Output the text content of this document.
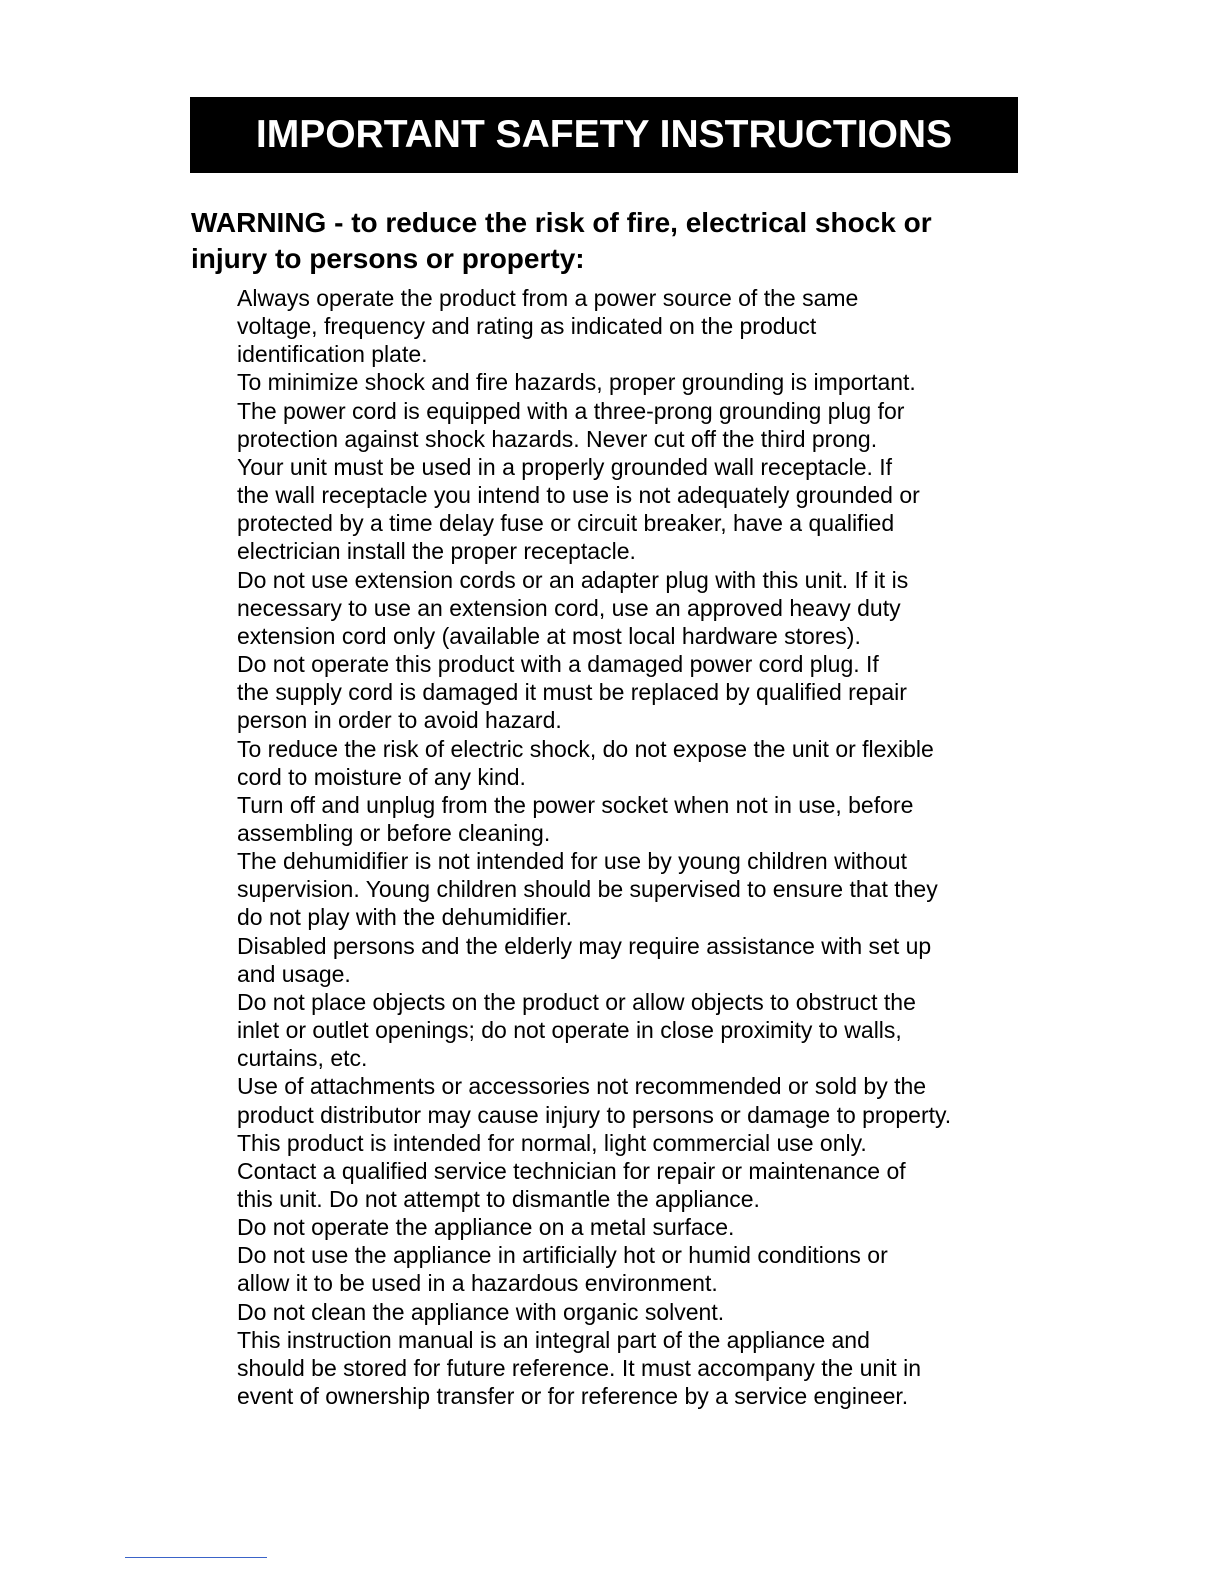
IMPORTANT SAFETY INSTRUCTIONS
WARNING - to reduce the risk of fire, electrical shock or
injury to persons or property:
Always operate the product from a power source of the same
voltage, frequency and rating as indicated on the product
identification plate.
To minimize shock and fire hazards, proper grounding is important.
The power cord is equipped with a three-prong grounding plug for
protection against shock hazards. Never cut off the third prong.
Your unit must be used in a properly grounded wall receptacle. If
the wall receptacle you intend to use is not adequately grounded or
protected by a time delay fuse or circuit breaker, have a qualified
electrician install the proper receptacle.
Do not use extension cords or an adapter plug with this unit. If it is
necessary to use an extension cord, use an approved heavy duty
extension cord only (available at most local hardware stores).
Do not operate this product with a damaged power cord plug. If
the supply cord is damaged it must be replaced by qualified repair
person in order to avoid hazard.
To reduce the risk of electric shock, do not expose the unit or flexible
cord to moisture of any kind.
Turn off and unplug from the power socket when not in use, before
assembling or before cleaning.
The dehumidifier is not intended for use by young children without
supervision. Young children should be supervised to ensure that they
do not play with the dehumidifier.
Disabled persons and the elderly may require assistance with set up
and usage.
Do not place objects on the product or allow objects to obstruct the
inlet or outlet openings; do not operate in close proximity to walls,
curtains, etc.
Use of attachments or accessories not recommended or sold by the
product distributor may cause injury to persons or damage to property.
This product is intended for normal, light commercial use only.
Contact a qualified service technician for repair or maintenance of
this unit. Do not attempt to dismantle the appliance.
Do not operate the appliance on a metal surface.
Do not use the appliance in artificially hot or humid conditions or
allow it to be used in a hazardous environment.
Do not clean the appliance with organic solvent.
This instruction manual is an integral part of the appliance and
should be stored for future reference. It must accompany the unit in
event of ownership transfer or for reference by a service engineer.
